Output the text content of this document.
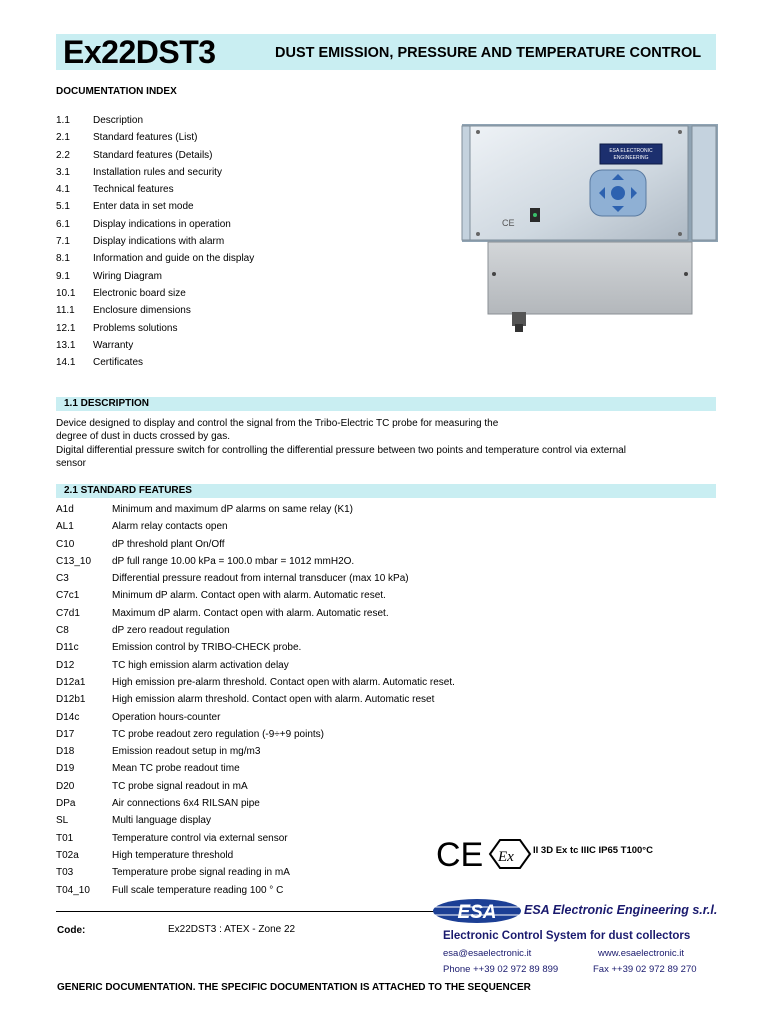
Ex22DST3	DUST EMISSION, PRESSURE AND TEMPERATURE CONTROL
DOCUMENTATION INDEX
1.1 Description
2.1 Standard features (List)
2.2 Standard features (Details)
3.1 Installation rules and security
4.1 Technical features
5.1 Enter data in set mode
6.1 Display indications in operation
7.1 Display indications with alarm
8.1 Information and guide on the display
9.1 Wiring Diagram
10.1 Electronic board size
11.1 Enclosure dimensions
12.1 Problems solutions
13.1 Warranty
14.1 Certificates
ESA ELECTRONIC
ENGINEERING
CE
1.1 DESCRIPTION

Device designed to display and control the signal from the Tribo-Electric TC probe for measuring the

degree of dust in ducts crossed by gas.

Digital differential pressure switch for controlling the differential pressure between two points and temperature control via external

sensor

2.1 STANDARD FEATURES
A1d	Minimum and maximum dP alarms on same relay (K1)
AL1	Alarm relay contacts open
C10	dP threshold plant On/Off
C13_10 dP full range 10.00 kPa = 100.0 mbar = 1012 mmH2O.
C3	Differential pressure readout from internal transducer (max 10 kPa)
C7c1	Minimum dP alarm. Contact open with alarm. Automatic reset.
C7d1	Maximum dP alarm. Contact open with alarm. Automatic reset.
C8	dP zero readout regulation
D11c	Emission control by TRIBO-CHECK probe.
D12	TC high emission alarm activation delay
D12a1	High emission pre-alarm threshold. Contact open with alarm. Automatic reset.
D12b1	High emission alarm threshold. Contact open with alarm. Automatic reset
D14c	Operation hours-counter
D17	TC probe readout zero regulation (-9÷+9 points)
D18	Emission readout setup in mg/m3
D19	Mean TC probe readout time
D20	TC probe signal readout in mA
DPa	Air connections 6x4 RILSAN pipe
SL	Multi language display
T01	Temperature control via external sensor
T02a	High temperature threshold
T03	Temperature probe signal reading in mA
T04_10 Full scale temperature reading 100 ° C
CE Ex II 3D Ex tc IIIC IP65 T100°C
ESA ESA Electronic Engineering s.r.l.
Code:	Ex22DST3 : ATEX - Zone 22
Electronic Control System for dust collectors
esa@esaelectronic.it	www.esaelectronic.it
Phone ++39 02 972 89 899	Fax ++39 02 972 89 270
GENERIC DOCUMENTATION. THE SPECIFIC DOCUMENTATION IS ATTACHED TO THE SEQUENCER
